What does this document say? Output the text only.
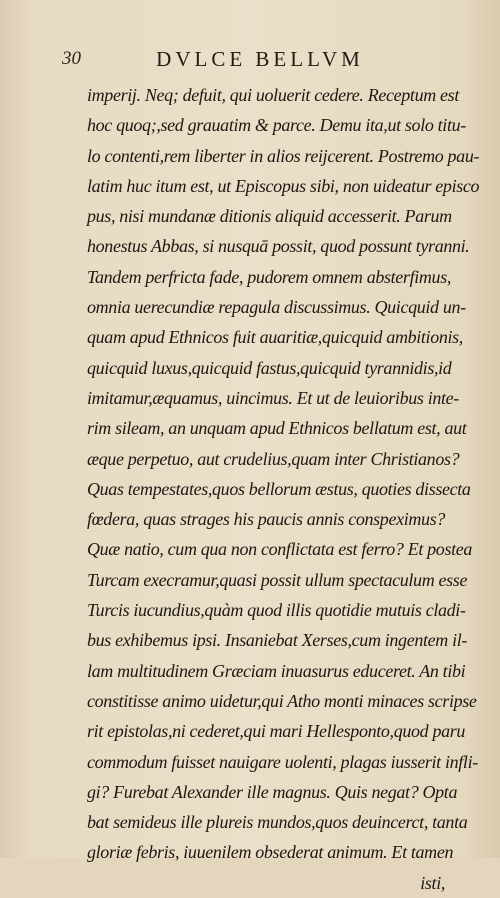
30	DVLCE BELLVM
imperij. Neq; defuit, qui uoluerit cedere. Receptum est
hoc quoq;,sed grauatim & parce. Demu ita,ut solo titu-
lo contenti,rem liberter in alios reijcerent. Postremo pau-
latim huc itum est, ut Episcopus sibi, non uideatur episco
pus, nisi mundanæ ditionis aliquid accesserit. Parum
honestus Abbas, si nusquā possit, quod possunt tyranni.
Tandem perfricta fade, pudorem omnem absterfimus,
omnia uerecundiæ repagula discussimus. Quicquid un-
quam apud Ethnicos fuit auaritiæ,quicquid ambitionis,
quicquid luxus,quicquid fastus,quicquid tyrannidis,id
imitamur,æquamus, uincimus. Et ut de leuioribus inte-
rim sileam, an unquam apud Ethnicos bellatum est, aut
æque perpetuo, aut crudelius,quam inter Christianos?
Quas tempestates,quos bellorum æstus, quoties dissecta
fœdera, quas strages his paucis annis conspeximus?
Quæ natio, cum qua non conflictata est ferro? Et postea
Turcam execramur,quasi possit ullum spectaculum esse
Turcis iucundius,quàm quod illis quotidie mutuis cladi-
bus exhibemus ipsi. Insaniebat Xerses,cum ingentem il-
lam multitudinem Græciam inuasurus educeret. An tibi
constitisse animo uidetur,qui Atho monti minaces scripse
rit epistolas,ni cederet,qui mari Hellesponto,quod paru
commodum fuisset nauigare uolenti, plagas iusserit infli-
gi? Furebat Alexander ille magnus. Quis negat? Opta
bat semideus ille plureis mundos,quos deuincerct, tanta
gloriæ febris, iuuenilem obsederat animum. Et tamen
isti,
